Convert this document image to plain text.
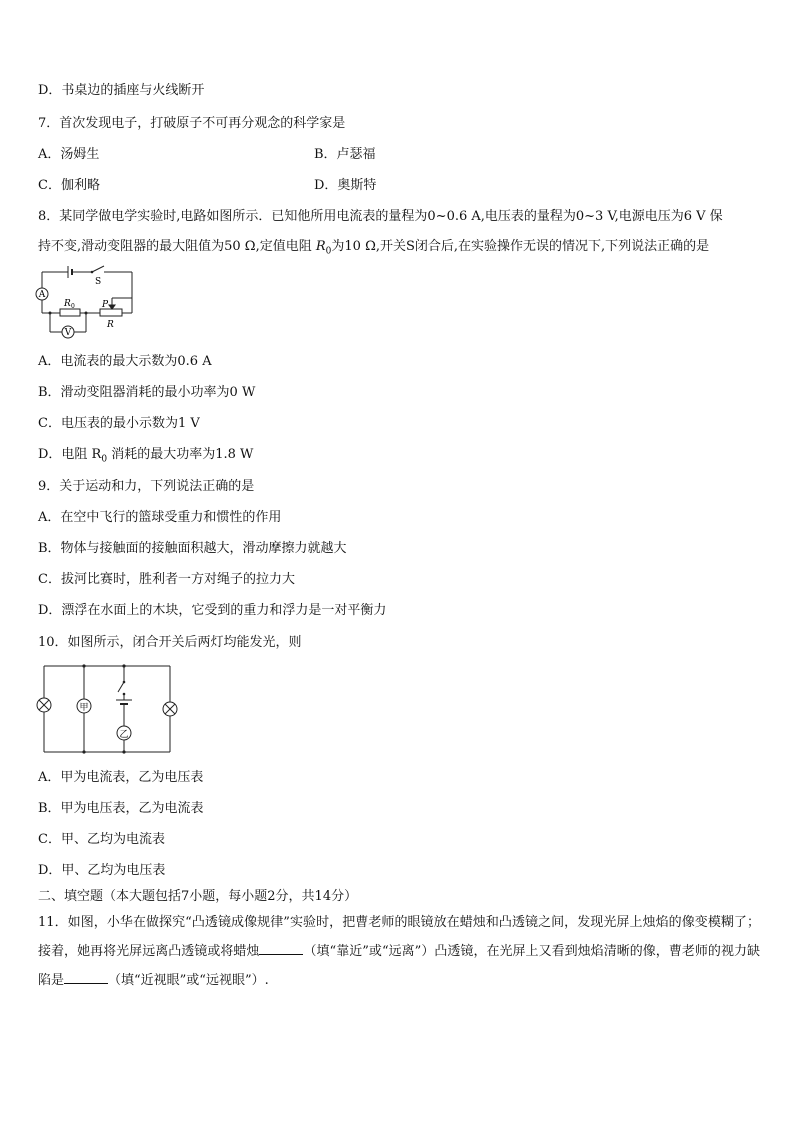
D．书桌边的插座与火线断开
7．首次发现电子，打破原子不可再分观念的科学家是
A．汤姆生	B．卢瑟福
C．伽利略	D．奥斯特
8．某同学做电学实验时,电路如图所示．已知他所用电流表的量程为0~0.6 A,电压表的量程为0~3 V,电源电压为6 V 保
持不变,滑动变阻器的最大阻值为50 Ω,定值电阻 $R_0$为10 Ω,开关S闭合后,在实验操作无误的情况下,下列说法正确的是
A
S
R 0	P
R
V
A．电流表的最大示数为0.6 A
B．滑动变阻器消耗的最小功率为0 W
C．电压表的最小示数为1 V
D．电阻 $R_0$ 消耗的最大功率为1.8 W
9．关于运动和力，下列说法正确的是
A．在空中飞行的篮球受重力和惯性的作用
B．物体与接触面的接触面积越大，滑动摩擦力就越大
C．拔河比赛时，胜利者一方对绳子的拉力大
D．漂浮在水面上的木块，它受到的重力和浮力是一对平衡力
10．如图所示，闭合开关后两灯均能发光，则
甲
乙
A．甲为电流表，乙为电压表
B．甲为电压表，乙为电流表
C．甲、乙均为电流表
D．甲、乙均为电压表
二、填空题（本大题包括7小题，每小题2分，共14分）
11．如图，小华在做探究“凸透镜成像规律”实验时，把曹老师的眼镜放在蜡烛和凸透镜之间，发现光屏上烛焰的像变模糊了；接着，她再将光屏远离凸透镜或将蜡烛	（填“靠近”或“远离”）凸透镜，在光屏上又看到烛焰清晰的像，曹老师的视力缺陷是	（填“近视眼”或“远视眼”）.
